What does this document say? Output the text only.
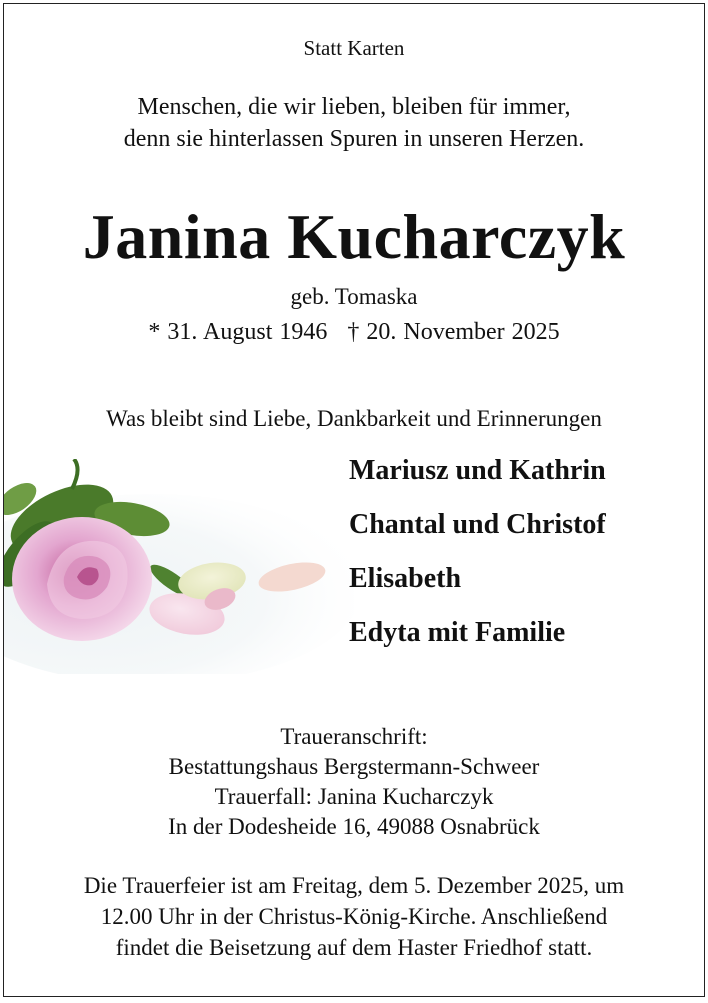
Statt Karten
Menschen, die wir lieben, bleiben für immer,
denn sie hinterlassen Spuren in unseren Herzen.
Janina Kucharczyk
geb. Tomaska
* 31. August 1946 † 20. November 2025
Was bleibt sind Liebe, Dankbarkeit und Erinnerungen
Mariusz und Kathrin
Chantal und Christof
Elisabeth
Edyta mit Familie
Traueranschrift:
Bestattungshaus Bergstermann-Schweer
Trauerfall: Janina Kucharczyk
In der Dodesheide 16, 49088 Osnabrück
Die Trauerfeier ist am Freitag, dem 5. Dezember 2025, um
12.00 Uhr in der Christus-König-Kirche. Anschließend
findet die Beisetzung auf dem Haster Friedhof statt.
